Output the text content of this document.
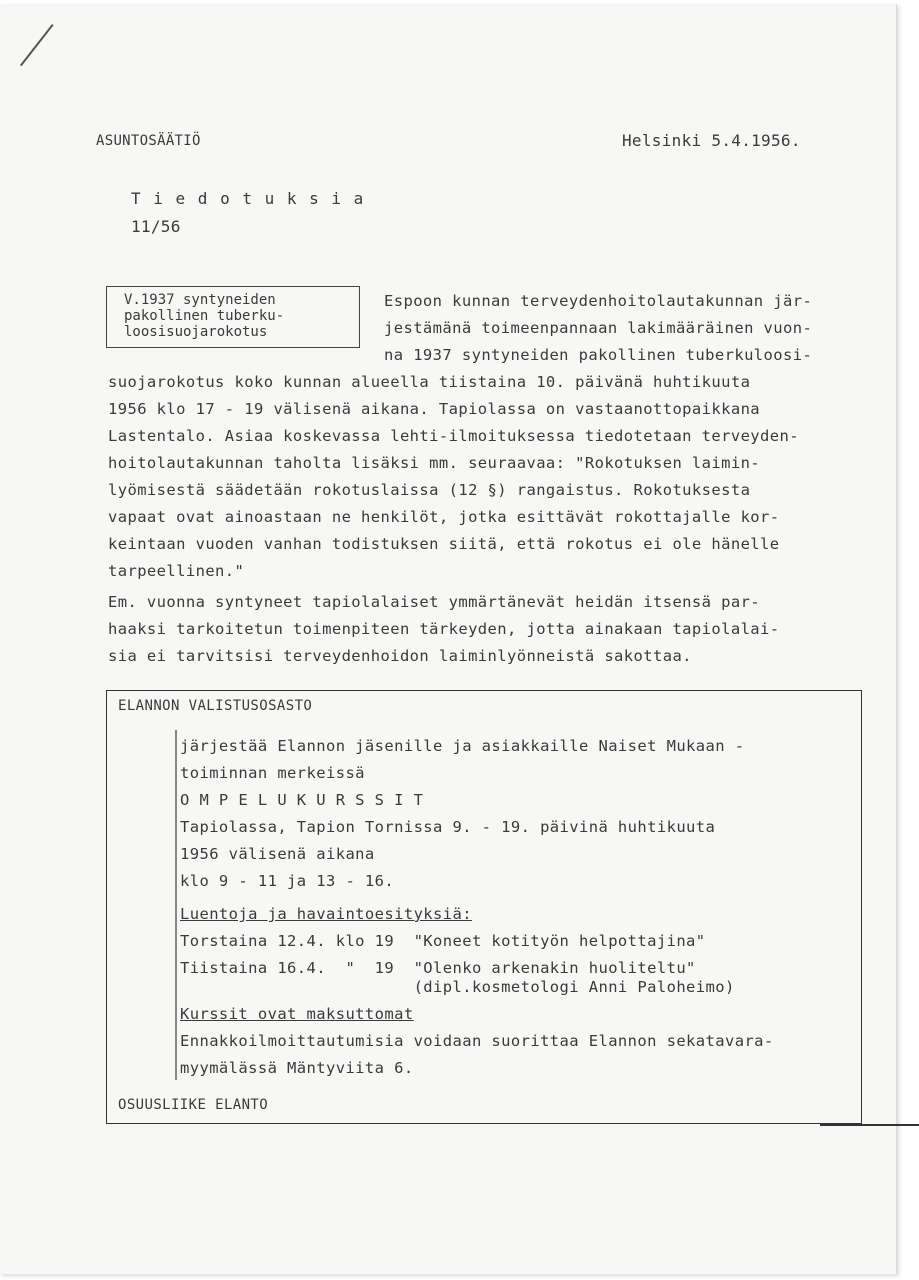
ASUNTOSÄÄTIÖ	Helsinki 5.4.1956.
T i e d o t u k s i a
11/56
V.1937 syntyneiden
pakollinen tuberku-
loosisuojarokotus
Espoon kunnan terveydenhoitolautakunnan jär-
jestämänä toimeenpannaan lakimääräinen vuon-
na 1937 syntyneiden pakollinen tuberkuloosi-
suojarokotus koko kunnan alueella tiistaina 10. päivänä huhtikuuta
1956 klo 17 - 19 välisenä aikana. Tapiolassa on vastaanottopaikkana
Lastentalo. Asiaa koskevassa lehti-ilmoituksessa tiedotetaan terveyden-
hoitolautakunnan taholta lisäksi mm. seuraavaa: "Rokotuksen laimin-
lyömisestä säädetään rokotuslaissa (12 §) rangaistus. Rokotuksesta
vapaat ovat ainoastaan ne henkilöt, jotka esittävät rokottajalle kor-
keintaan vuoden vanhan todistuksen siitä, että rokotus ei ole hänelle
tarpeellinen."
Em. vuonna syntyneet tapiolalaiset ymmärtänevät heidän itsensä par-
haaksi tarkoitetun toimenpiteen tärkeyden, jotta ainakaan tapiolalai-
sia ei tarvitsisi terveydenhoidon laiminlyönneistä sakottaa.
ELANNON VALISTUSOSASTO
järjestää Elannon jäsenille ja asiakkaille Naiset Mukaan -
toiminnan merkeissä
O M P E L U K U R S S I T
Tapiolassa, Tapion Tornissa 9. - 19. päivinä huhtikuuta
1956 välisenä aikana
klo 9 - 11 ja 13 - 16.
Luentoja ja havaintoesityksiä:
Torstaina 12.4. klo 19  "Koneet kotityön helpottajina"
Tiistaina 16.4.  "  19  "Olenko arkenakin huoliteltu"
(dipl.kosmetologi Anni Paloheimo)
Kurssit ovat maksuttomat
Ennakkoilmoittautumisia voidaan suorittaa Elannon sekatavara-
myymälässä Mäntyviita 6.
OSUUSLIIKE ELANTO
